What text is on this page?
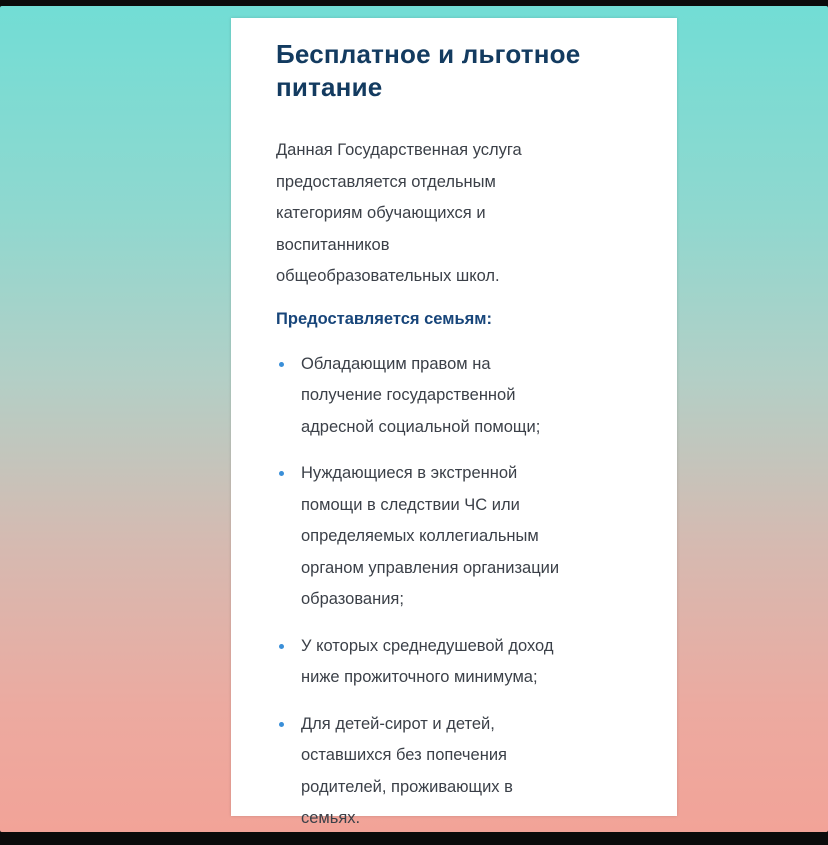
Бесплатное и льготное
питание

Данная Государственная услуга
предоставляется отдельным
категориям обучающихся и
воспитанников
общеобразовательных школ.

Предоставляется семьям:

Обладающим правом на
получение государственной
адресной социальной помощи;
Нуждающиеся в экстренной
помощи в следствии ЧС или
определяемых коллегиальным
органом управления организации
образования;
У которых среднедушевой доход
ниже прожиточного минимума;
Для детей-сирот и детей,
оставшихся без попечения
родителей, проживающих в
семьях.
